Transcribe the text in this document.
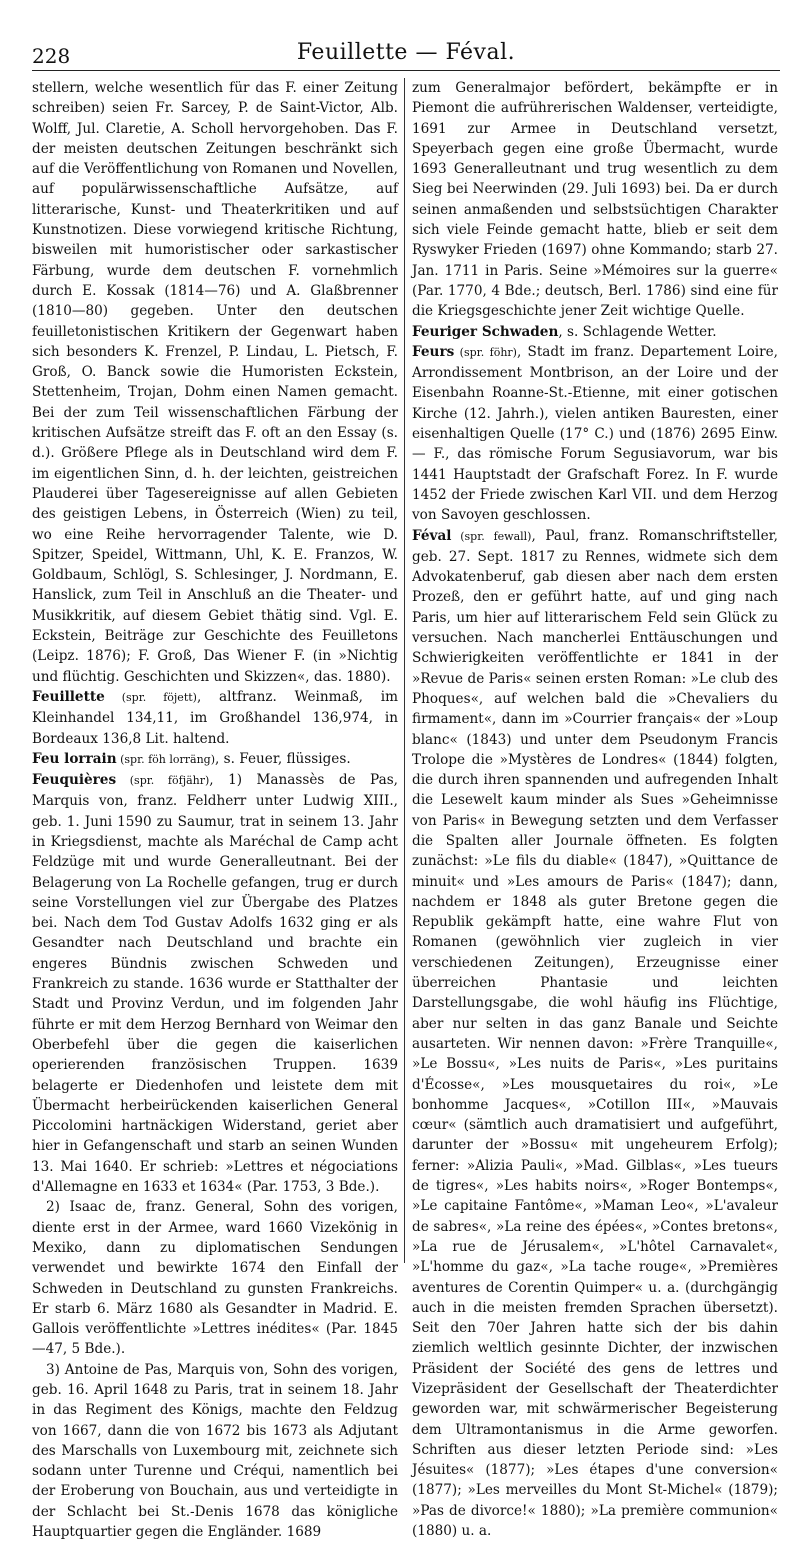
228	Feuillette — Féval.

stellern, welche wesentlich für das F. einer Zeitung schreiben) seien Fr. Sarcey, P. de Saint-Victor, Alb. Wolff, Jul. Claretie, A. Scholl hervorgehoben. Das F. der meisten deutschen Zeitungen beschränkt sich auf die Veröffentlichung von Romanen und Novellen, auf populärwissenschaftliche Aufsätze, auf litterarische, Kunst- und Theaterkritiken und auf Kunstnotizen. Diese vorwiegend kritische Richtung, bisweilen mit humoristischer oder sarkastischer Färbung, wurde dem deutschen F. vornehmlich durch E. Kossak (1814—76) und A. Glaßbrenner (1810—80) gegeben. Unter den deutschen feuilletonistischen Kritikern der Gegenwart haben sich besonders K. Frenzel, P. Lindau, L. Pietsch, F. Groß, O. Banck sowie die Humoristen Eckstein, Stettenheim, Trojan, Dohm einen Namen gemacht. Bei der zum Teil wissenschaftlichen Färbung der kritischen Aufsätze streift das F. oft an den Essay (s. d.). Größere Pflege als in Deutschland wird dem F. im eigentlichen Sinn, d. h. der leichten, geistreichen Plauderei über Tagesereignisse auf allen Gebieten des geistigen Lebens, in Österreich (Wien) zu teil, wo eine Reihe hervorragender Talente, wie D. Spitzer, Speidel, Wittmann, Uhl, K. E. Franzos, W. Goldbaum, Schlögl, S. Schlesinger, J. Nordmann, E. Hanslick, zum Teil in Anschluß an die Theater- und Musikkritik, auf diesem Gebiet thätig sind. Vgl. E. Eckstein, Beiträge zur Geschichte des Feuilletons (Leipz. 1876); F. Groß, Das Wiener F. (in »Nichtig und flüchtig. Geschichten und Skizzen«, das. 1880).

Feuillette (spr. föjett), altfranz. Weinmaß, im Kleinhandel 134,11, im Großhandel 136,974, in Bordeaux 136,8 Lit. haltend.

Feu lorrain (spr. föh lorräng), s. Feuer, flüssiges.

Feuquières (spr. föfjähr), 1) Manassès de Pas, Marquis von, franz. Feldherr unter Ludwig XIII., geb. 1. Juni 1590 zu Saumur, trat in seinem 13. Jahr in Kriegsdienst, machte als Maréchal de Camp acht Feldzüge mit und wurde Generalleutnant. Bei der Belagerung von La Rochelle gefangen, trug er durch seine Vorstellungen viel zur Übergabe des Platzes bei. Nach dem Tod Gustav Adolfs 1632 ging er als Gesandter nach Deutschland und brachte ein engeres Bündnis zwischen Schweden und Frankreich zu stande. 1636 wurde er Statthalter der Stadt und Provinz Verdun, und im folgenden Jahr führte er mit dem Herzog Bernhard von Weimar den Oberbefehl über die gegen die kaiserlichen operierenden französischen Truppen. 1639 belagerte er Diedenhofen und leistete dem mit Übermacht herbeirückenden kaiserlichen General Piccolomini hartnäckigen Widerstand, geriet aber hier in Gefangenschaft und starb an seinen Wunden 13. Mai 1640. Er schrieb: »Lettres et négociations d'Allemagne en 1633 et 1634« (Par. 1753, 3 Bde.).

2) Isaac de, franz. General, Sohn des vorigen, diente erst in der Armee, ward 1660 Vizekönig in Mexiko, dann zu diplomatischen Sendungen verwendet und bewirkte 1674 den Einfall der Schweden in Deutschland zu gunsten Frankreichs. Er starb 6. März 1680 als Gesandter in Madrid. E. Gallois veröffentlichte »Lettres inédites« (Par. 1845—47, 5 Bde.).

3) Antoine de Pas, Marquis von, Sohn des vorigen, geb. 16. April 1648 zu Paris, trat in seinem 18. Jahr in das Regiment des Königs, machte den Feldzug von 1667, dann die von 1672 bis 1673 als Adjutant des Marschalls von Luxembourg mit, zeichnete sich sodann unter Turenne und Créqui, namentlich bei der Eroberung von Bouchain, aus und verteidigte in der Schlacht bei St.-Denis 1678 das königliche Hauptquartier gegen die Engländer. 1689

zum Generalmajor befördert, bekämpfte er in Piemont die aufrührerischen Waldenser, verteidigte, 1691 zur Armee in Deutschland versetzt, Speyerbach gegen eine große Übermacht, wurde 1693 Generalleutnant und trug wesentlich zu dem Sieg bei Neerwinden (29. Juli 1693) bei. Da er durch seinen anmaßenden und selbstsüchtigen Charakter sich viele Feinde gemacht hatte, blieb er seit dem Ryswyker Frieden (1697) ohne Kommando; starb 27. Jan. 1711 in Paris. Seine »Mémoires sur la guerre« (Par. 1770, 4 Bde.; deutsch, Berl. 1786) sind eine für die Kriegsgeschichte jener Zeit wichtige Quelle.

Feuriger Schwaden, s. Schlagende Wetter.

Feurs (spr. föhr), Stadt im franz. Departement Loire, Arrondissement Montbrison, an der Loire und der Eisenbahn Roanne-St.-Etienne, mit einer gotischen Kirche (12. Jahrh.), vielen antiken Bauresten, einer eisenhaltigen Quelle (17° C.) und (1876) 2695 Einw. — F., das römische Forum Segusiavorum, war bis 1441 Hauptstadt der Grafschaft Forez. In F. wurde 1452 der Friede zwischen Karl VII. und dem Herzog von Savoyen geschlossen.

Féval (spr. fewall), Paul, franz. Romanschriftsteller, geb. 27. Sept. 1817 zu Rennes, widmete sich dem Advokatenberuf, gab diesen aber nach dem ersten Prozeß, den er geführt hatte, auf und ging nach Paris, um hier auf litterarischem Feld sein Glück zu versuchen. Nach mancherlei Enttäuschungen und Schwierigkeiten veröffentlichte er 1841 in der »Revue de Paris« seinen ersten Roman: »Le club des Phoques«, auf welchen bald die »Chevaliers du firmament«, dann im »Courrier français« der »Loup blanc« (1843) und unter dem Pseudonym Francis Trolope die »Mystères de Londres« (1844) folgten, die durch ihren spannenden und aufregenden Inhalt die Lesewelt kaum minder als Sues »Geheimnisse von Paris« in Bewegung setzten und dem Verfasser die Spalten aller Journale öffneten. Es folgten zunächst: »Le fils du diable« (1847), »Quittance de minuit« und »Les amours de Paris« (1847); dann, nachdem er 1848 als guter Bretone gegen die Republik gekämpft hatte, eine wahre Flut von Romanen (gewöhnlich vier zugleich in vier verschiedenen Zeitungen), Erzeugnisse einer überreichen Phantasie und leichten Darstellungsgabe, die wohl häufig ins Flüchtige, aber nur selten in das ganz Banale und Seichte ausarteten. Wir nennen davon: »Frère Tranquille«, »Le Bossu«, »Les nuits de Paris«, »Les puritains d'Écosse«, »Les mousquetaires du roi«, »Le bonhomme Jacques«, »Cotillon III«, »Mauvais cœur« (sämtlich auch dramatisiert und aufgeführt, darunter der »Bossu« mit ungeheurem Erfolg); ferner: »Alizia Pauli«, »Mad. Gilblas«, »Les tueurs de tigres«, »Les habits noirs«, »Roger Bontemps«, »Le capitaine Fantôme«, »Maman Leo«, »L'avaleur de sabres«, »La reine des épées«, »Contes bretons«, »La rue de Jérusalem«, »L'hôtel Carnavalet«, »L'homme du gaz«, »La tache rouge«, »Premières aventures de Corentin Quimper« u. a. (durchgängig auch in die meisten fremden Sprachen übersetzt). Seit den 70er Jahren hatte sich der bis dahin ziemlich weltlich gesinnte Dichter, der inzwischen Präsident der Société des gens de lettres und Vizepräsident der Gesellschaft der Theaterdichter geworden war, mit schwärmerischer Begeisterung dem Ultramontanismus in die Arme geworfen. Schriften aus dieser letzten Periode sind: »Les Jésuites« (1877); »Les étapes d'une conversion« (1877); »Les merveilles du Mont St-Michel« (1879); »Pas de divorce!« 1880); »La première communion« (1880) u. a.
